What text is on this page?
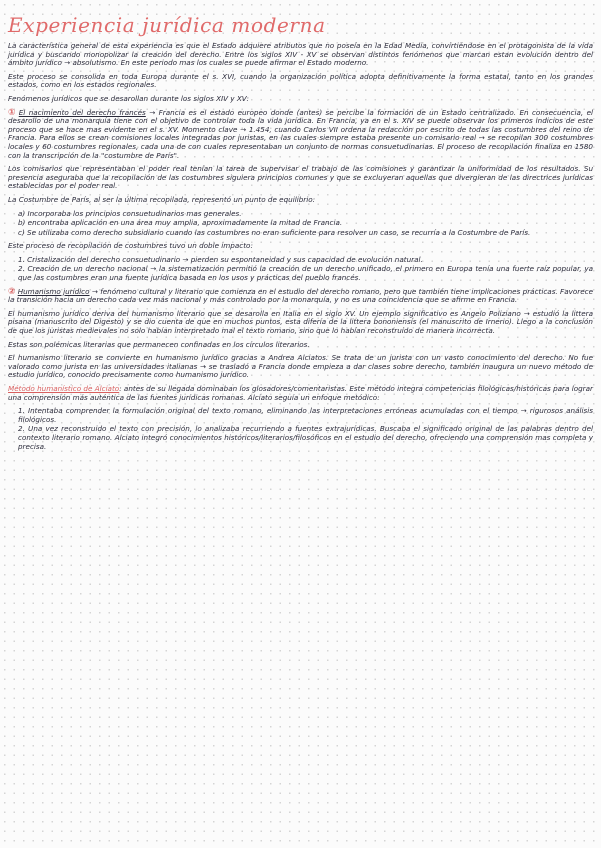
Experiencia jurídica moderna

La característica general de esta experiencia es que el Estado adquiere atributos que no poseía en la Edad Media, convirtiéndose en el protagonista de la vida jurídica y buscando monopolizar la creación del derecho. Entre los siglos XIV - XV se observan distintos fenómenos que marcan estan evolución dentro del ámbito jurídico → absolutismo. En este periodo mas los cuales se puede afirmar el Estado moderno.

Este proceso se consolida en toda Europa durante el s. XVI, cuando la organización política adopta definitivamente la forma estatal, tanto en los grandes estados, como en los estados regionales.

Fenómenos jurídicos que se desarollan durante los siglos XIV y XV:

① El nacimiento del derecho francés → Francia es el estado europeo donde (antes) se percibe la formación de un Estado centralizado. En consecuencia, el desarollo de una monarquía tiene con el objetivo de controlar toda la vida jurídica. En Francia, ya en el s. XIV se puede observar los primeros indicios de este proceso que se hace mas evidente en el s. XV. Momento clave → 1.454, cuando Carlos VII ordena la redacción por escrito de todas las costumbres del reino de Francia. Para ellos se crean comisiones locales integradas por juristas, en las cuales siempre estaba presente un comisario real → se recopilan 300 costumbres locales y 60 costumbres regionales, cada una de con cuales representaban un conjunto de normas consuetudinarias. El proceso de recopilación finaliza en 1580 con la transcripción de la "costumbre de París".

Los comisarios que representaban el poder real tenían la tarea de supervisar el trabajo de las comisiones y garantizar la uniformidad de los resultados. Su presencia aseguraba que la recopilación de las costumbres siguiera principios comunes y que se excluyeran aquellas que divergieran de las directrices jurídicas establecidas por el poder real.

La Costumbre de París, al ser la última recopilada, representó un punto de equilibrio:

a) Incorporaba los principios consuetudinarios mas generales.
b) encontraba aplicación en una área muy amplia, aproximadamente la mitad de Francia.
c) Se utilizaba como derecho subsidiario cuando las costumbres no eran suficiente para resolver un caso, se recurría a la Costumbre de París.

Este proceso de recopilación de costumbres tuvo un doble impacto:

1. Cristalización del derecho consuetudinario → pierden su espontaneidad y sus capacidad de evolución natural.
2. Creación de un derecho nacional → la sistematización permitió la creación de un derecho unificado, el primero en Europa tenía una fuerte raíz popular, ya que las costumbres eran una fuente jurídica basada en los usos y prácticas del pueblo francés.

② Humanismo jurídico → fenómeno cultural y literario que comienza en el estudio del derecho romano, pero que también tiene implicaciones prácticas. Favorece la transición hacia un derecho cada vez más nacional y más controlado por la monarquía, y no es una coincidencia que se afirme en Francia.

El humanismo jurídico deriva del humanismo literario que se desarolla en Italia en el siglo XV. Un ejemplo significativo es Angelo Poliziano → estudió la littera pisana (manuscrito del Digesto) y se dio cuenta de que en muchos puntos, esta difería de la littera bononiensis (el manuscrito de Irnerio). Llego a la conclusión de que los juristas medievales no solo habían interpretado mal el texto romano, sino que lo habían reconstruido de manera incorrecta.

Estas son polémicas literarias que permanecen confinadas en los círculos literarios.

El humanismo literario se convierte en humanismo jurídico gracias a Andrea Alciatos. Se trata de un jurista con un vasto conocimiento del derecho. No fue valorado como jurista en las universidades italianas → se trasladó a Francia donde empieza a dar clases sobre derecho, también inaugura un nuevo método de estudio jurídico, conocido precisamente como humanismo jurídico.

Método humanístico de Alciato: antes de su llegada dominaban los glosadores/comentaristas. Este método integra competencias filológicas/históricas para lograr una comprensión más auténtica de las fuentes jurídicas romanas. Alciato seguía un enfoque metódico:

1. Intentaba comprender la formulación original del texto romano, eliminando las interpretaciones erróneas acumuladas con el tiempo → rigurosos análisis filológicos.
2. Una vez reconstruido el texto con precisión, lo analizaba recurriendo a fuentes extrajurídicas. Buscaba el significado original de las palabras dentro del contexto literario romano. Alciato integró conocimientos históricos/literarios/filosóficos en el estudio del derecho, ofreciendo una comprensión mas completa y precisa.
